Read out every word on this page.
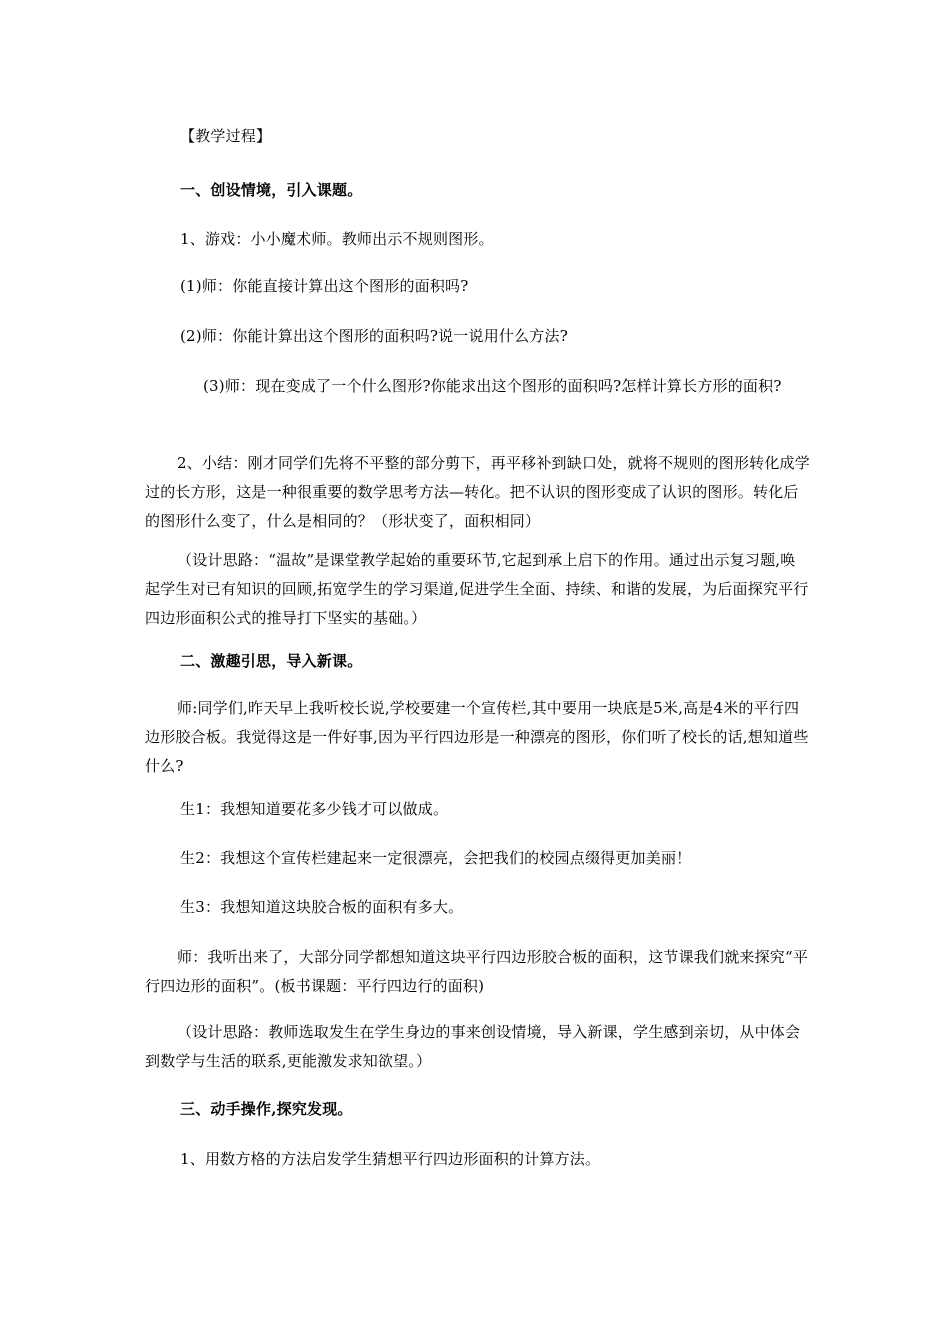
【教学过程】

一、创设情境，引入课题。

1、游戏：小小魔术师。教师出示不规则图形。

(1)师：你能直接计算出这个图形的面积吗?

(2)师：你能计算出这个图形的面积吗?说一说用什么方法?

(3)师：现在变成了一个什么图形?你能求出这个图形的面积吗?怎样计算长方形的面积?

2、小结：刚才同学们先将不平整的部分剪下，再平移补到缺口处，就将不规则的图形转化成学过的长方形，这是一种很重要的数学思考方法—转化。把不认识的图形变成了认识的图形。转化后的图形什么变了，什么是相同的？（形状变了，面积相同）

（设计思路：“温故”是课堂教学起始的重要环节,它起到承上启下的作用。通过出示复习题,唤起学生对已有知识的回顾,拓宽学生的学习渠道,促进学生全面、持续、和谐的发展，为后面探究平行四边形面积公式的推导打下坚实的基础。）

二、激趣引思，导入新课。

师:同学们,昨天早上我听校长说,学校要建一个宣传栏,其中要用一块底是5米,高是4米的平行四边形胶合板。我觉得这是一件好事,因为平行四边形是一种漂亮的图形，你们听了校长的话,想知道些什么?

生1：我想知道要花多少钱才可以做成。

生2：我想这个宣传栏建起来一定很漂亮，会把我们的校园点缀得更加美丽！

生3：我想知道这块胶合板的面积有多大。

师：我听出来了，大部分同学都想知道这块平行四边形胶合板的面积，这节课我们就来探究“平行四边形的面积”。(板书课题：平行四边行的面积)

（设计思路：教师选取发生在学生身边的事来创设情境，导入新课，学生感到亲切，从中体会到数学与生活的联系,更能激发求知欲望。）

三、动手操作,探究发现。

1、用数方格的方法启发学生猜想平行四边形面积的计算方法。
